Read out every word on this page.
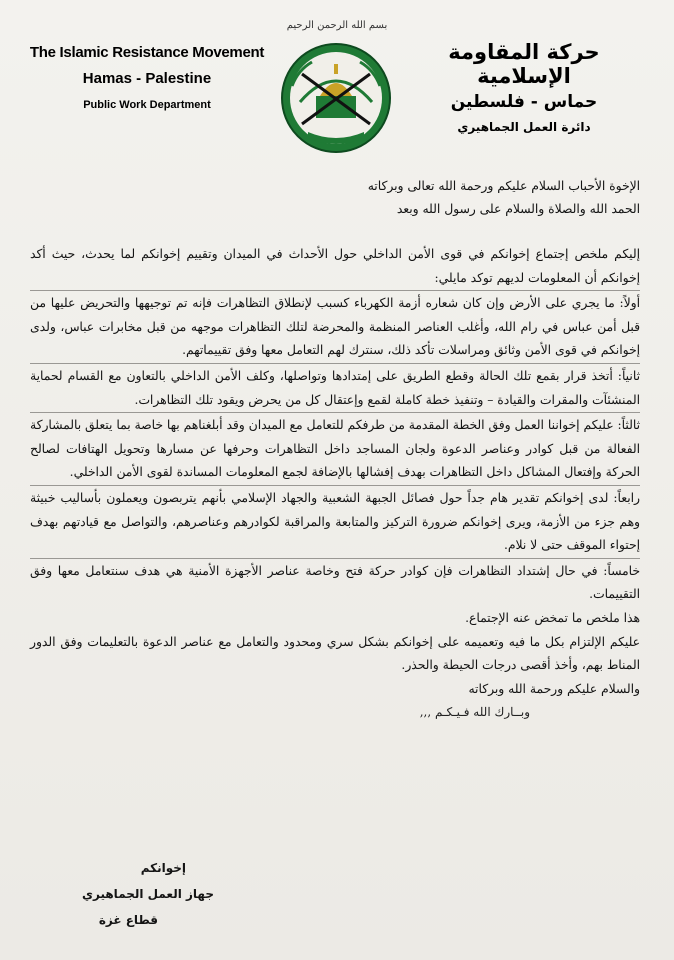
بسم الله الرحمن الرحيم
The Islamic Resistance Movement
Hamas - Palestine
Public Work Department
حركة المقاومة الإسلامية
حماس - فلسطين
دائرة العمل الجماهيري
الإخوة الأحباب السلام عليكم ورحمة الله تعالى وبركاته
الحمد الله والصلاة والسلام على رسول الله وبعد
إليكم ملخص إجتماع إخوانكم في قوى الأمن الداخلي حول الأحداث في الميدان وتقييم إخوانكم لما يحدث، حيث أكد إخوانكم أن المعلومات لديهم توكد مايلي:
أولاً: ما يجري على الأرض وإن كان شعاره أزمة الكهرباء كسبب لإنطلاق التظاهرات فإنه تم توجيهها والتحريض عليها من قبل أمن عباس في رام الله، وأغلب العناصر المنظمة والمحرضة لتلك التظاهرات موجهه من قبل مخابرات عباس، ولدى إخوانكم في قوى الأمن وثائق ومراسلات تأكد ذلك، سنترك لهم التعامل معها وفق تقييماتهم.
ثانياً: أتخذ قرار بقمع تلك الحالة وقطع الطريق على إمتدادها وتواصلها، وكلف الأمن الداخلي بالتعاون مع القسام لحماية المنشئآت والمقرات والقيادة – وتنفيذ خطة كاملة لقمع وإعتقال كل من يحرض ويقود تلك التظاهرات.
ثالثاً: عليكم إخواننا العمل وفق الخطة المقدمة من طرفكم للتعامل مع الميدان وقد أبلغناهم بها خاصة بما يتعلق بالمشاركة الفعالة من قبل كوادر وعناصر الدعوة ولجان المساجد داخل التظاهرات وحرفها عن مسارها وتحويل الهتافات لصالح الحركة وإفتعال المشاكل داخل التظاهرات بهدف إفشالها بالإضافة لجمع المعلومات المساندة لقوى الأمن الداخلي.
رابعاً: لدى إخوانكم تقدير هام جداً حول فصائل الجبهة الشعبية والجهاد الإسلامي بأنهم يتربصون ويعملون بأساليب خبيثة وهم جزء من الأزمة، ويرى إخوانكم ضرورة التركيز والمتابعة والمراقبة لكوادرهم وعناصرهم، والتواصل مع قيادتهم بهدف إحتواء الموقف حتى لا نلام.
خامساً: في حال إشتداد التظاهرات فإن كوادر حركة فتح وخاصة عناصر الأجهزة الأمنية هي هدف سنتعامل معها وفق التقييمات.
هذا ملخص ما تمخض عنه الإجتماع.
عليكم الإلتزام بكل ما فيه وتعميمه على إخوانكم بشكل سري ومحدود والتعامل مع عناصر الدعوة بالتعليمات وفق الدور المناط بهم، وأخذ أقصى درجات الحيطة والحذر.
والسلام عليكم ورحمة الله وبركاته
وبــارك الله فـيـكـم ,,,
إخوانكم
جهاز العمل الجماهيري
قطاع غزة
